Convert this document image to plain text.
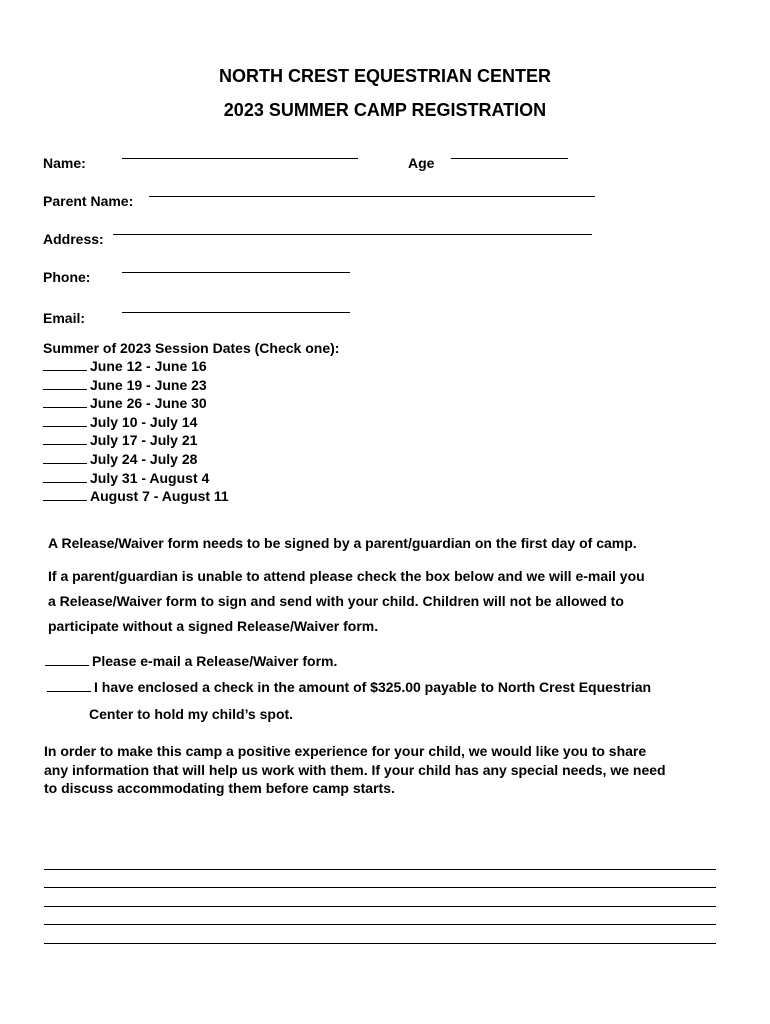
NORTH CREST EQUESTRIAN CENTER
2023 SUMMER CAMP REGISTRATION
Name:	Age
Parent Name:
Address:
Phone:
Email:
Summer of 2023 Session Dates (Check one):
June 12 - June 16
June 19 - June 23
June 26 - June 30
July 10 - July 14
July 17 - July 21
July 24 - July 28
July 31 - August 4
August 7 - August 11
A Release/Waiver form needs to be signed by a parent/guardian on the first day of camp.
If a parent/guardian is unable to attend please check the box below and we will e-mail you
a Release/Waiver form to sign and send with your child. Children will not be allowed to
participate without a signed Release/Waiver form.
Please e-mail a Release/Waiver form.
I have enclosed a check in the amount of $325.00 payable to North Crest Equestrian
Center to hold my child’s spot.
In order to make this camp a positive experience for your child, we would like you to share
any information that will help us work with them. If your child has any special needs, we need
to discuss accommodating them before camp starts.
